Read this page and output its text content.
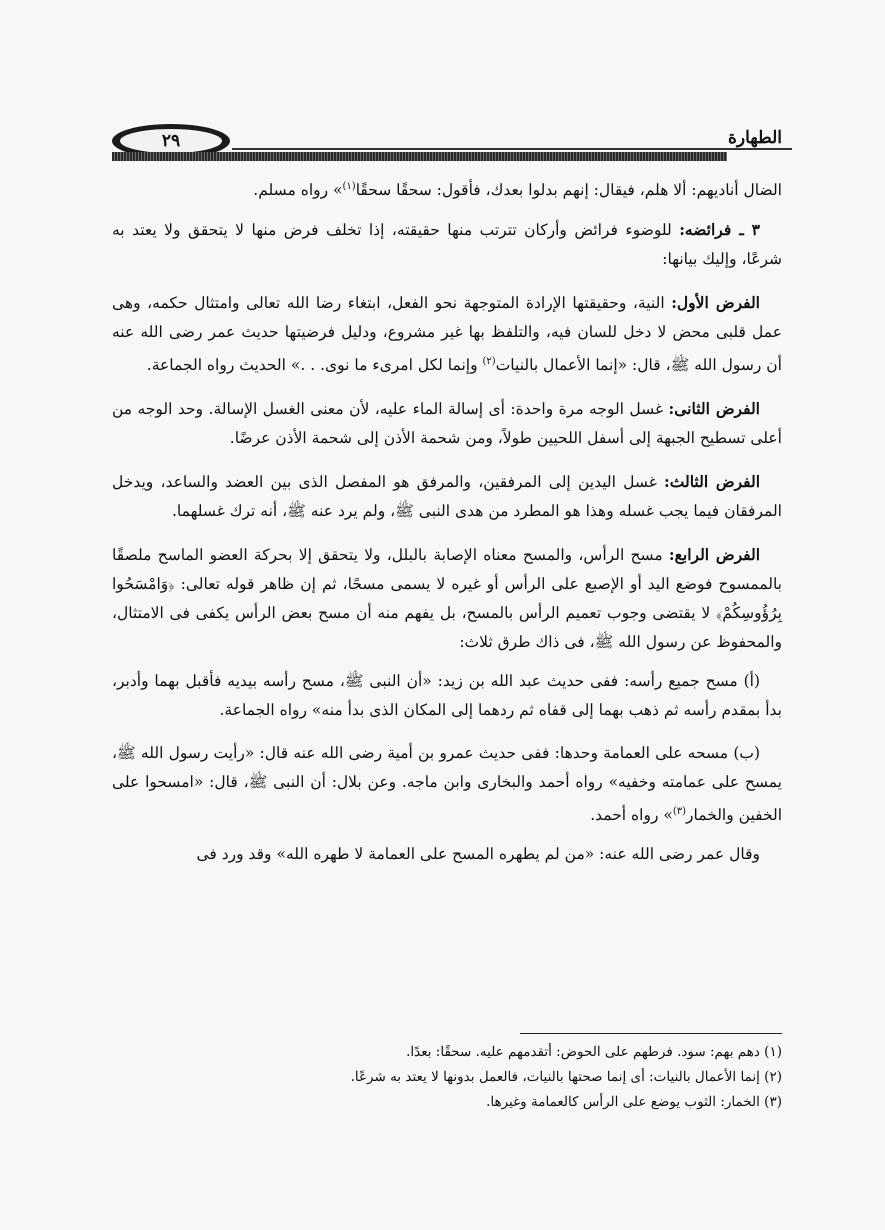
٢٩	الطهارة

الضال أناديهم: ألا هلم، فيقال: إنهم بدلوا بعدك، فأقول: سحقًا سحقًا$^{(١)}$» رواه مسلم.

٣ ـ فرائضه: للوضوء فرائض وأركان تترتب منها حقيقته، إذا تخلف فرض منها لا يتحقق ولا يعتد به شرعًا، وإليك بيانها:

الفرض الأول: النية، وحقيقتها الإرادة المتوجهة نحو الفعل، ابتغاء رضا الله تعالى وامتثال حكمه، وهى عمل قلبى محض لا دخل للسان فيه، والتلفظ بها غير مشروع، ودليل فرضيتها حديث عمر رضى الله عنه أن رسول الله ﷺ، قال: «إنما الأعمال بالنيات$^{(٢)}$ وإنما لكل امرىء ما نوى. . .» الحديث رواه الجماعة.

الفرض الثانى: غسل الوجه مرة واحدة: أى إسالة الماء عليه، لأن معنى الغسل الإسالة. وحد الوجه من أعلى تسطيح الجبهة إلى أسفل اللحيين طولاً، ومن شحمة الأذن إلى شحمة الأذن عرضًا.

الفرض الثالث: غسل اليدين إلى المرفقين، والمرفق هو المفصل الذى بين العضد والساعد، ويدخل المرفقان فيما يجب غسله وهذا هو المطرد من هدى النبى ﷺ، ولم يرد عنه ﷺ، أنه ترك غسلهما.

الفرض الرابع: مسح الرأس، والمسح معناه الإصابة بالبلل، ولا يتحقق إلا بحركة العضو الماسح ملصقًا بالممسوح فوضع اليد أو الإصبع على الرأس أو غيره لا يسمى مسحًا، ثم إن ظاهر قوله تعالى: ﴿وَامْسَحُوا بِرُؤُوسِكُمْ﴾ لا يقتضى وجوب تعميم الرأس بالمسح، بل يفهم منه أن مسح بعض الرأس يكفى فى الامتثال، والمحفوظ عن رسول الله ﷺ، فى ذاك طرق ثلاث:

(أ) مسح جميع رأسه: ففى حديث عبد الله بن زيد: «أن النبى ﷺ، مسح رأسه بيديه فأقبل بهما وأدبر، بدأ بمقدم رأسه ثم ذهب بهما إلى قفاه ثم ردهما إلى المكان الذى بدأ منه» رواه الجماعة.

(ب) مسحه على العمامة وحدها: ففى حديث عمرو بن أمية رضى الله عنه قال: «رأيت رسول الله ﷺ، يمسح على عمامته وخفيه» رواه أحمد والبخارى وابن ماجه. وعن بلال: أن النبى ﷺ، قال: «امسحوا على الخفين والخمار$^{(٣)}$» رواه أحمد.

وقال عمر رضى الله عنه: «من لم يطهره المسح على العمامة لا طهره الله» وقد ورد فى

(١) دهم بهم: سود. فرطهم على الحوض: أتقدمهم عليه. سحقًا: بعدًا.

(٢) إنما الأعمال بالنيات: أى إنما صحتها بالنيات، فالعمل بدونها لا يعتد به شرعًا.

(٣) الخمار: الثوب يوضع على الرأس كالعمامة وغيرها.
